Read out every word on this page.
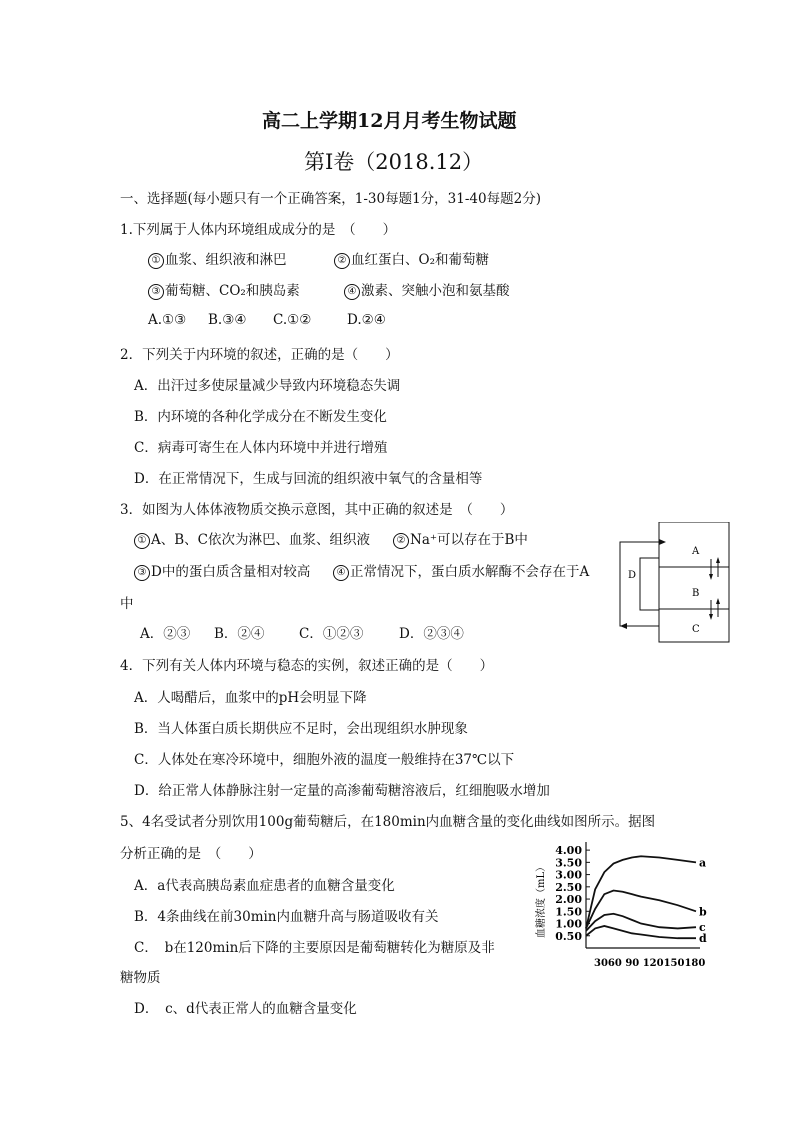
高二上学期12月月考生物试题
第Ⅰ卷（2018.12）
一、选择题(每小题只有一个正确答案，1-30每题1分，31-40每题2分)
1.下列属于人体内环境组成成分的是　（　　）
① 血浆、组织液和淋巴	② 血红蛋白、O₂和葡萄糖
③ 葡萄糖、CO₂和胰岛素	④ 激素、突触小泡和氨基酸
A.①③ B.③④ C.①②	D.②④
2．下列关于内环境的叙述，正确的是（　　）
A．出汗过多使尿量减少导致内环境稳态失调
B．内环境的各种化学成分在不断发生变化
C．病毒可寄生在人体内环境中并进行增殖
D．在正常情况下，生成与回流的组织液中氧气的含量相等
3．如图为人体体液物质交换示意图，其中正确的叙述是　（　　）
① A、B、C依次为淋巴、血浆、组织液	② Na⁺可以存在于B中
③ D中的蛋白质含量相对较高	④ 正常情况下，蛋白质水解酶不会存在于A
中
A．②③ B．②④	C．①②③	D．②③④
A
B
C
D
4．下列有关人体内环境与稳态的实例，叙述正确的是（　　）
A．人喝醋后，血浆中的pH会明显下降
B．当人体蛋白质长期供应不足时，会出现组织水肿现象
C．人体处在寒冷环境中，细胞外液的温度一般维持在37℃以下
D．给正常人体静脉注射一定量的高渗葡萄糖溶液后，红细胞吸水增加
5、4名受试者分别饮用100g葡萄糖后，在180min内血糖含量的变化曲线如图所示。据图
分析正确的是　（　　）
A．a代表高胰岛素血症患者的血糖含量变化
B．4条曲线在前30min内血糖升高与肠道吸收有关
C．　b在120min后下降的主要原因是葡萄糖转化为糖原及非
糖物质
D．　c、d代表正常人的血糖含量变化
血糖浓度（mL）
4.00
3.50
3.00
2.50
2.00
1.50
1.00
0.50
a
b
c
d
3060 90 120150180
